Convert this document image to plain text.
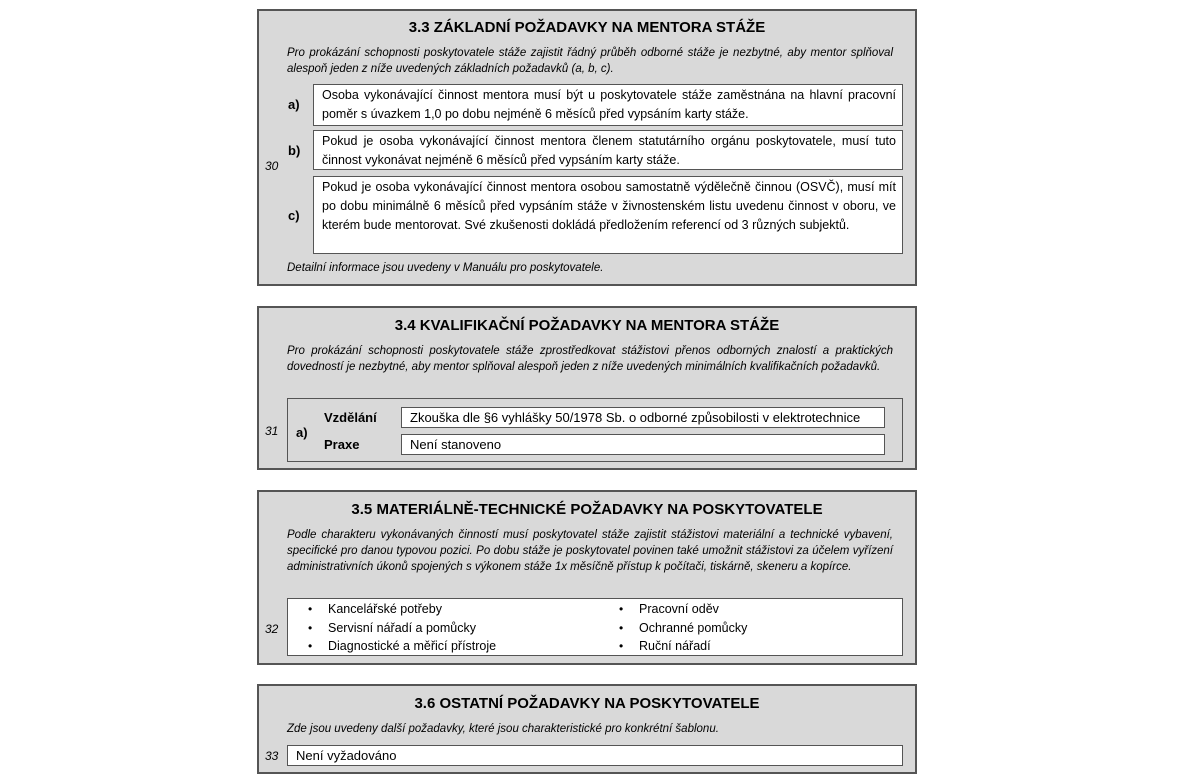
3.3 ZÁKLADNÍ POŽADAVKY NA MENTORA STÁŽE
Pro prokázání schopnosti poskytovatele stáže zajistit řádný průběh odborné stáže je nezbytné, aby mentor splňoval alespoň jeden z níže uvedených základních požadavků (a, b, c).
30
a)
Osoba vykonávající činnost mentora musí být u poskytovatele stáže zaměstnána na hlavní pracovní poměr s úvazkem 1,0 po dobu nejméně 6 měsíců před vypsáním karty stáže.
b)
Pokud je osoba vykonávající činnost mentora členem statutárního orgánu poskytovatele, musí tuto činnost vykonávat nejméně 6 měsíců před vypsáním karty stáže.
c)
Pokud je osoba vykonávající činnost mentora osobou samostatně výdělečně činnou (OSVČ), musí mít po dobu minimálně 6 měsíců před vypsáním stáže v živnostenském listu uvedenu činnost v oboru, ve kterém bude mentorovat. Své zkušenosti dokládá předložením referencí od 3 různých subjektů.
Detailní informace jsou uvedeny v Manuálu pro poskytovatele.
3.4 KVALIFIKAČNÍ POŽADAVKY NA MENTORA STÁŽE
Pro prokázání schopnosti poskytovatele stáže zprostředkovat stážistovi přenos odborných znalostí a praktických dovedností je nezbytné, aby mentor splňoval alespoň jeden z níže uvedených minimálních kvalifikačních požadavků.
31 a)
Vzdělání	Zkouška dle §6 vyhlášky 50/1978 Sb. o odborné způsobilosti v elektrotechnice
Praxe	Není stanoveno
3.5 MATERIÁLNĚ-TECHNICKÉ POŽADAVKY NA POSKYTOVATELE
Podle charakteru vykonávaných činností musí poskytovatel stáže zajistit stážistovi materiální a technické vybavení, specifické pro danou typovou pozici. Po dobu stáže je poskytovatel povinen také umožnit stážistovi za účelem vyřízení administrativních úkonů spojených s výkonem stáže 1x měsíčně přístup k počítači, tiskárně, skeneru a kopírce.
32
•	Kancelářské potřeby
•	Servisní nářadí a pomůcky
•	Diagnostické a měřicí přístroje
•	Pracovní oděv
•	Ochranné pomůcky
•	Ruční nářadí
3.6 OSTATNÍ POŽADAVKY NA POSKYTOVATELE
Zde jsou uvedeny další požadavky, které jsou charakteristické pro konkrétní šablonu.
33	Není vyžadováno
